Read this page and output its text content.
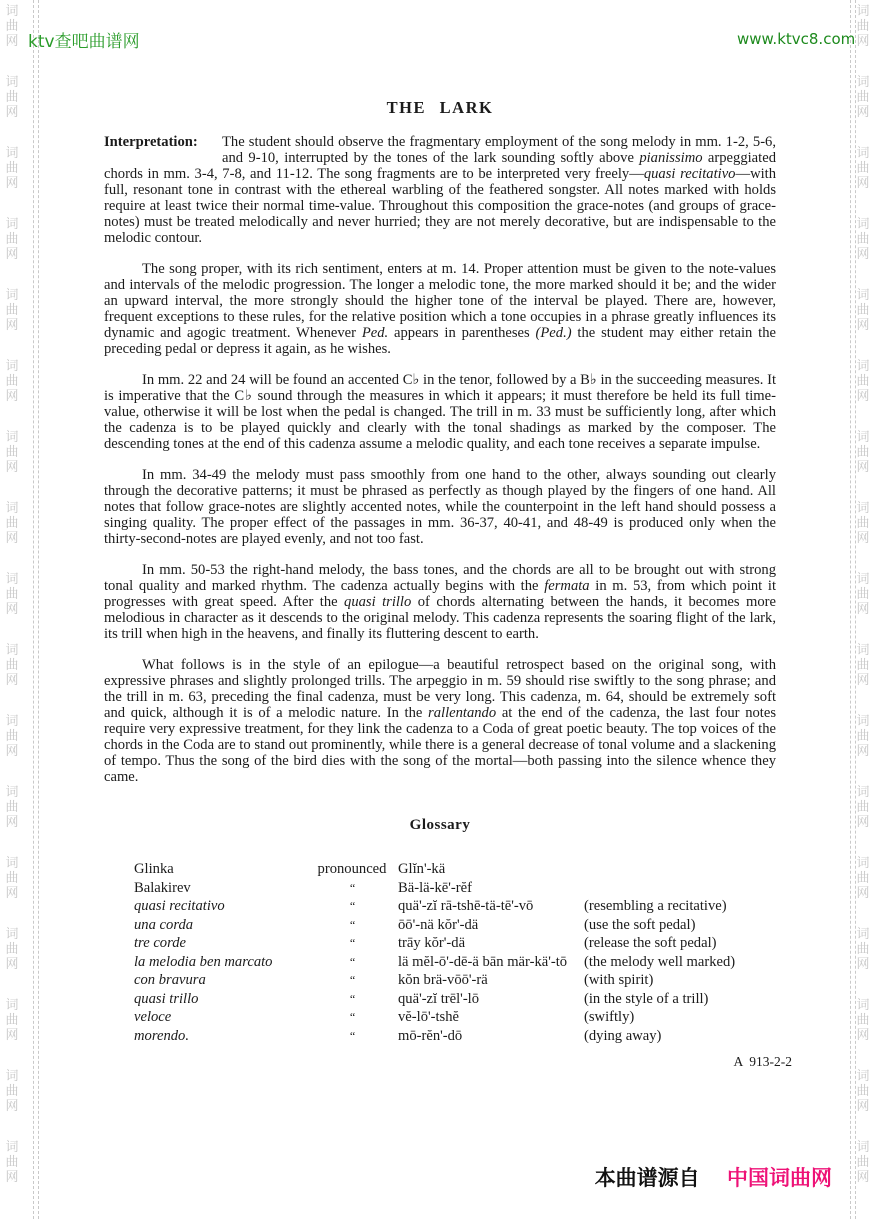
词
曲
网
词
曲
网
词
曲
网
词
曲
网
词
曲
网
词
曲
网
词
曲
网
词
曲
网
词
曲
网
词
曲
网
词
曲
网
词
曲
网
词
曲
网
词
曲
网
词
曲
网
词
曲
网
词
曲
网
词
曲
网
词
曲
网
词
曲
网
词
曲
网
词
曲
网
词
曲
网
词
曲
网
词
曲
网
词
曲
网
词
曲
网
词
曲
网
词
曲
网
词
曲
网
词
曲
网
词
曲
网
词
曲
网
词
曲
网
ktv查吧曲谱网	www.ktvc8.com
THE LARK

Interpretation:	The student should observe the fragmentary employment of the song melody in mm. 1-2, 5-6, and 9-10, interrupted by the tones of the lark sounding softly above pianissimo arpeggiated chords in mm. 3-4, 7-8, and 11-12. The song fragments are to be interpreted very freely—quasi recitativo—with full, resonant tone in contrast with the ethereal warbling of the feathered songster. All notes marked with holds require at least twice their normal time-value. Throughout this composition the grace-notes (and groups of grace-notes) must be treated melodically and never hurried; they are not merely decorative, but are indispensable to the melodic contour.

The song proper, with its rich sentiment, enters at m. 14. Proper attention must be given to the note-values and intervals of the melodic progression. The longer a melodic tone, the more marked should it be; and the wider an upward interval, the more strongly should the higher tone of the interval be played. There are, however, frequent exceptions to these rules, for the relative position which a tone occupies in a phrase greatly influences its dynamic and agogic treatment. Whenever Ped. appears in parentheses (Ped.) the student may either retain the preceding pedal or depress it again, as he wishes.

In mm. 22 and 24 will be found an accented C♭ in the tenor, followed by a B♭ in the succeeding measures. It is imperative that the C♭ sound through the measures in which it appears; it must therefore be held its full time-value, otherwise it will be lost when the pedal is changed. The trill in m. 33 must be sufficiently long, after which the cadenza is to be played quickly and clearly with the tonal shadings as marked by the composer. The descending tones at the end of this cadenza assume a melodic quality, and each tone receives a separate impulse.

In mm. 34-49 the melody must pass smoothly from one hand to the other, always sounding out clearly through the decorative patterns; it must be phrased as perfectly as though played by the fingers of one hand. All notes that follow grace-notes are slightly accented notes, while the counterpoint in the left hand should possess a singing quality. The proper effect of the passages in mm. 36-37, 40-41, and 48-49 is produced only when the thirty-second-notes are played evenly, and not too fast.

In mm. 50-53 the right-hand melody, the bass tones, and the chords are all to be brought out with strong tonal quality and marked rhythm. The cadenza actually begins with the fermata in m. 53, from which point it progresses with great speed. After the quasi trillo of chords alternating between the hands, it becomes more melodious in character as it descends to the original melody. This cadenza represents the soaring flight of the lark, its trill when high in the heavens, and finally its fluttering descent to earth.

What follows is in the style of an epilogue—a beautiful retrospect based on the original song, with expressive phrases and slightly prolonged trills. The arpeggio in m. 59 should rise swiftly to the song phrase; and the trill in m. 63, preceding the final cadenza, must be very long. This cadenza, m. 64, should be extremely soft and quick, although it is of a melodic nature. In the rallentando at the end of the cadenza, the last four notes require very expressive treatment, for they link the cadenza to a Coda of great poetic beauty. The top voices of the chords in the Coda are to stand out prominently, while there is a general decrease of tonal volume and a slackening of tempo. Thus the song of the bird dies with the song of the mortal—both passing into the silence whence they came.

Glossary
Glinka	pronounced Glĭn'-kä
Balakirev	“	Bä-lä-kē'-rĕf
quasi recitativo	“	quä'-zĭ rā-tshē-tä-tē'-vō	(resembling a recitative)
una corda	“	ōō'-nä kŏr'-dä	(use the soft pedal)
tre corde	“	trāy kŏr'-dä	(release the soft pedal)
la melodia ben marcato	“	lä mĕl-ō'-dē-ä bān mär-kä'-tō	(the melody well marked)
con bravura	“	kŏn brä-vōō'-rä	(with spirit)
quasi trillo	“	quä'-zĭ trēl'-lō	(in the style of a trill)
veloce	“	vĕ-lō'-tshĕ	(swiftly)
morendo.	“	mō-rĕn'-dō	(dying away)
A  913-2-2
本曲谱源自 中国词曲网
